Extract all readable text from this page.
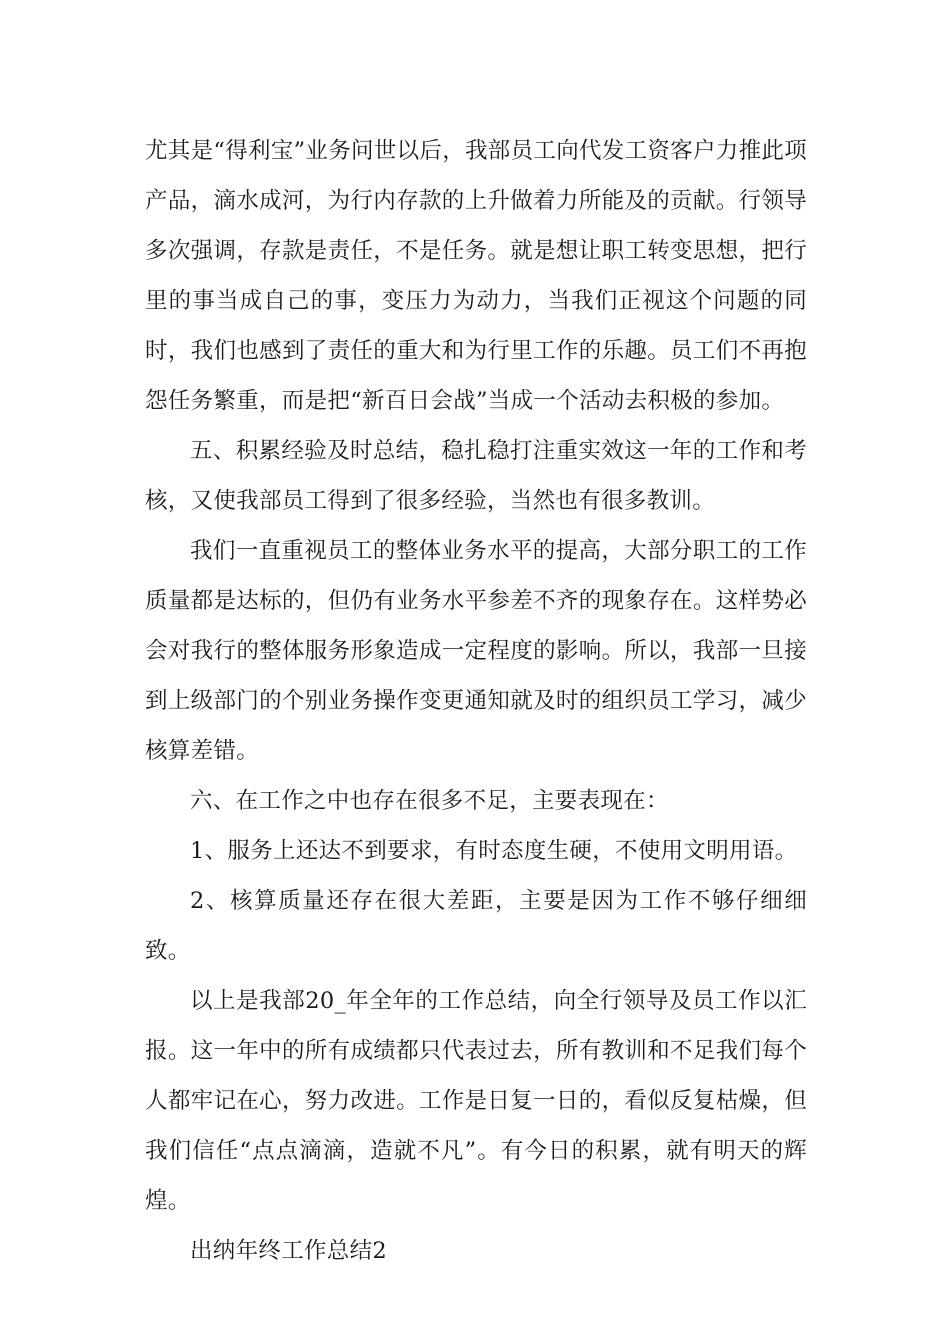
尤其是“得利宝”业务问世以后，我部员工向代发工资客户力推此项产品，滴水成河，为行内存款的上升做着力所能及的贡献。行领导多次强调，存款是责任，不是任务。就是想让职工转变思想，把行里的事当成自己的事，变压力为动力，当我们正视这个问题的同时，我们也感到了责任的重大和为行里工作的乐趣。员工们不再抱怨任务繁重，而是把“新百日会战”当成一个活动去积极的参加。

五、积累经验及时总结，稳扎稳打注重实效这一年的工作和考核，又使我部员工得到了很多经验，当然也有很多教训。

我们一直重视员工的整体业务水平的提高，大部分职工的工作质量都是达标的，但仍有业务水平参差不齐的现象存在。这样势必会对我行的整体服务形象造成一定程度的影响。所以，我部一旦接到上级部门的个别业务操作变更通知就及时的组织员工学习，减少核算差错。

六、在工作之中也存在很多不足，主要表现在：

1、服务上还达不到要求，有时态度生硬，不使用文明用语。

2、核算质量还存在很大差距，主要是因为工作不够仔细细致。

以上是我部20_年全年的工作总结，向全行领导及员工作以汇报。这一年中的所有成绩都只代表过去，所有教训和不足我们每个人都牢记在心，努力改进。工作是日复一日的，看似反复枯燥，但我们信任“点点滴滴，造就不凡”。有今日的积累，就有明天的辉煌。

出纳年终工作总结2
